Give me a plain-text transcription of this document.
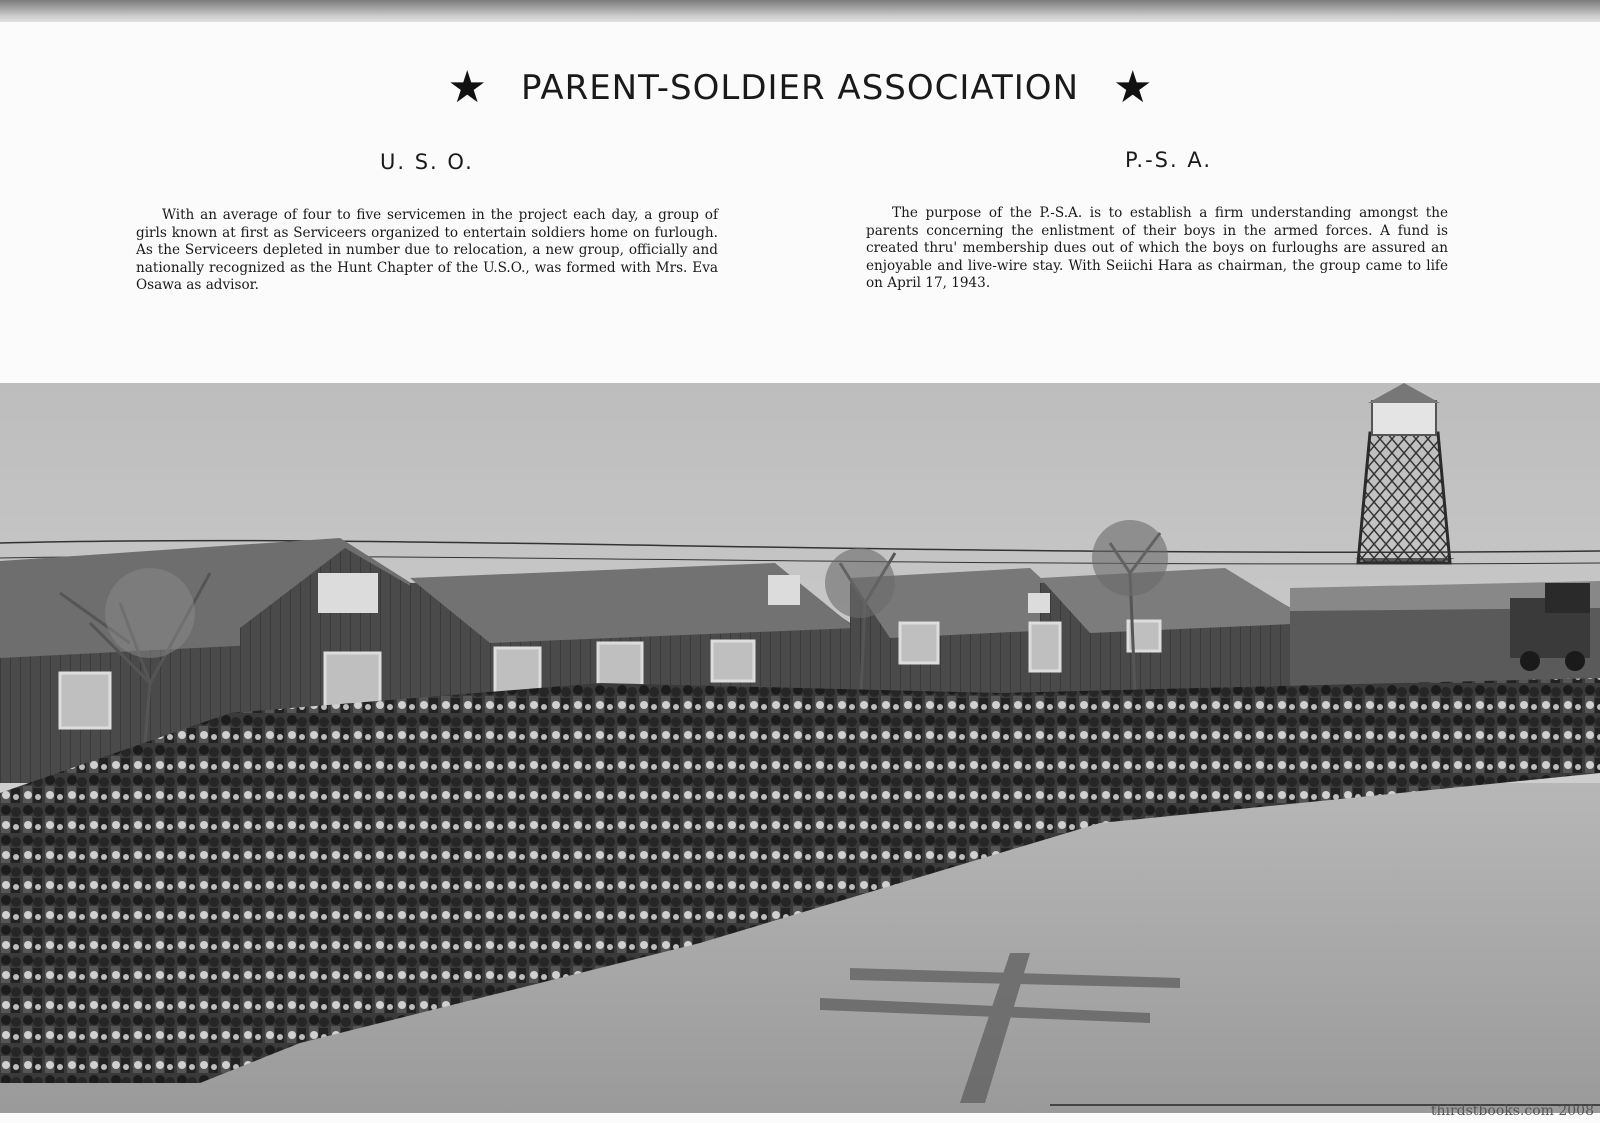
★ PARENT-SOLDIER ASSOCIATION ★
U. S. O.

With an average of four to five servicemen in the project each day, a group of girls known at first as Serviceers organized to entertain soldiers home on furlough. As the Serviceers depleted in number due to relocation, a new group, officially and nationally recognized as the Hunt Chapter of the U.S.O., was formed with Mrs. Eva Osawa as advisor.

P.-S. A.

The purpose of the P.-S.A. is to establish a firm understanding amongst the parents concerning the enlistment of their boys in the armed forces. A fund is created thru' membership dues out of which the boys on furloughs are assured an enjoyable and live-wire stay. With Seiichi Hara as chairman, the group came to life on April 17, 1943.

thirdstbooks.com 2008
